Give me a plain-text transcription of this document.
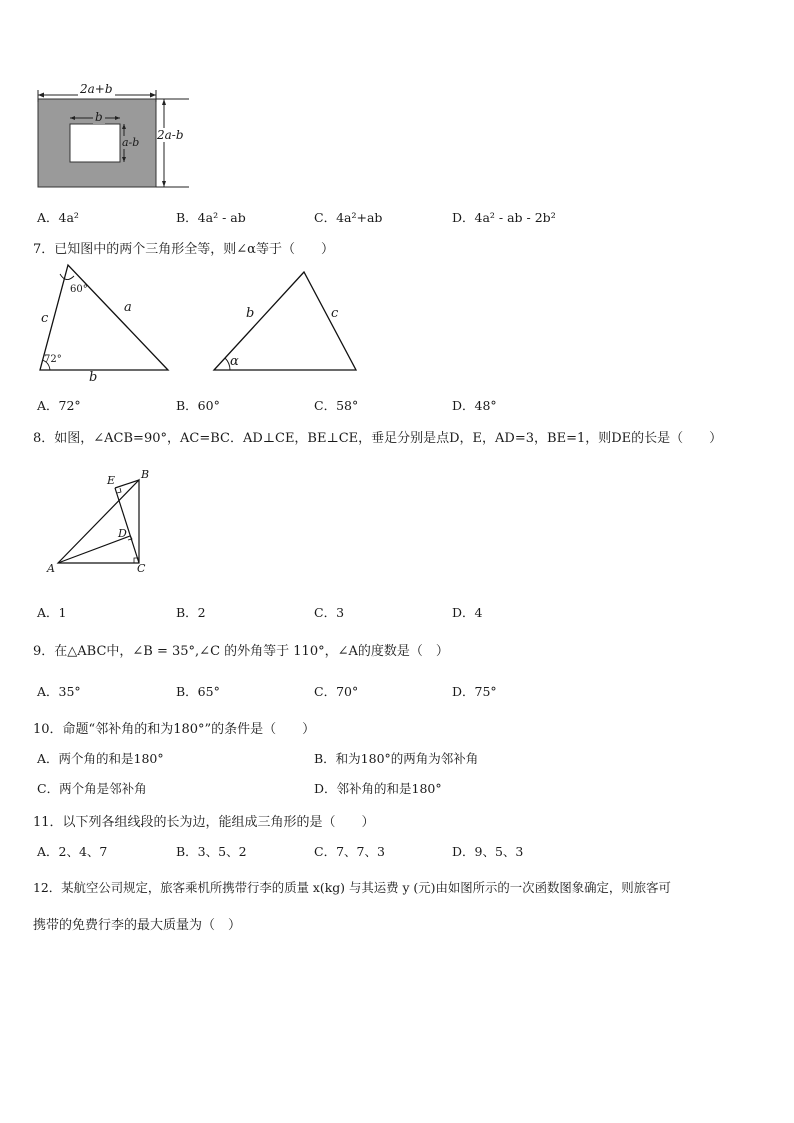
2a+b
b
a-b
2a-b
A．4a²	B．4a² - ab	C．4a²+ab	D．4a² - ab - 2b²
7．已知图中的两个三角形全等，则∠α等于（　　）
60°
72°
a
b
c	b	c
α
A．72°	B．60°	C．58°	D．48°
8．如图，∠ACB=90°，AC=BC．AD⊥CE，BE⊥CE，垂足分别是点D，E，AD=3，BE=1，则DE的长是（　　）
A
B
C
D
E
A．1	B．2	C．3	D．4
9．在△ABC中，∠B = 35°,∠C 的外角等于 110°，∠A的度数是（　）
A．35°	B．65°	C．70°	D．75°
10．命题“邻补角的和为180°”的条件是（　　）
A．两个角的和是180°	B．和为180°的两角为邻补角
C．两个角是邻补角	D．邻补角的和是180°
11．以下列各组线段的长为边，能组成三角形的是（　　）
A．2、4、7	B．3、5、2	C．7、7、3	D．9、5、3
12．某航空公司规定，旅客乘机所携带行李的质量 x(kg) 与其运费 y (元)由如图所示的一次函数图象确定，则旅客可
携带的免费行李的最大质量为（　）
